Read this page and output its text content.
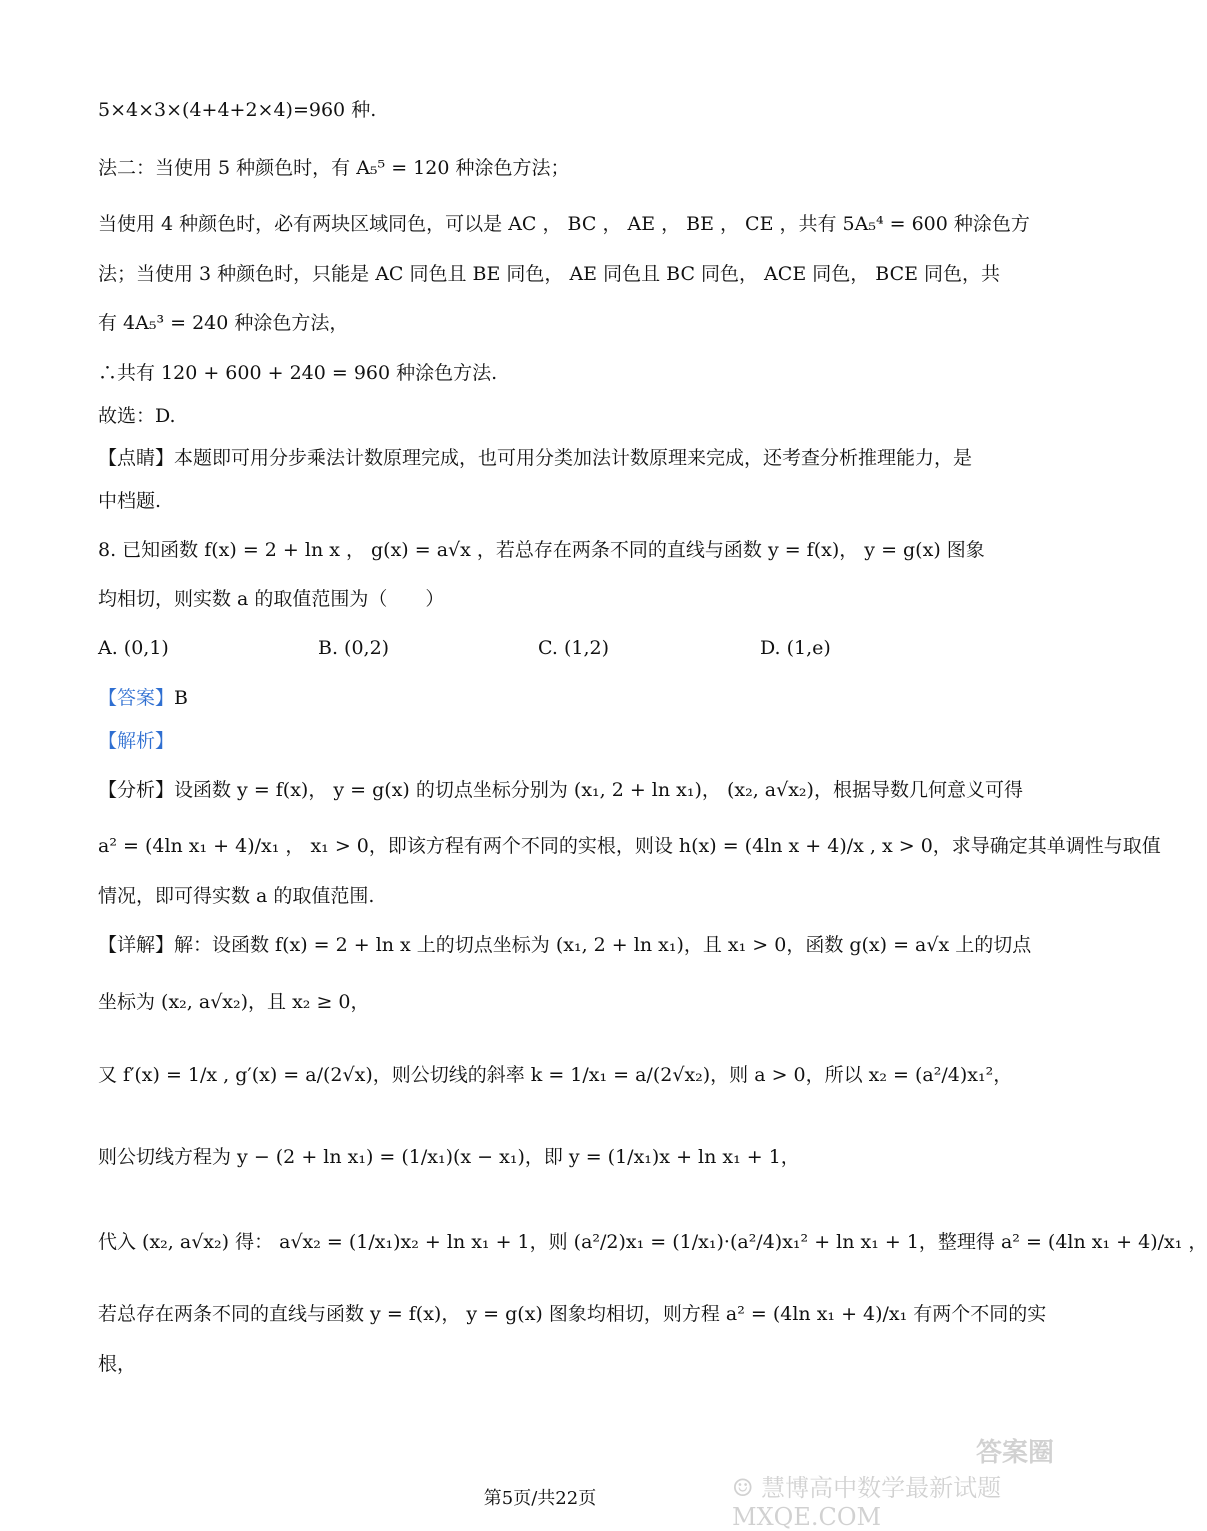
5×4×3×(4+4+2×4)=960 种.
法二：当使用 5 种颜色时，有 A₅⁵ = 120 种涂色方法；
当使用 4 种颜色时，必有两块区域同色，可以是 AC ， BC ， AE ， BE ， CE ，共有 5A₅⁴ = 600 种涂色方
法；当使用 3 种颜色时，只能是 AC 同色且 BE 同色， AE 同色且 BC 同色， ACE 同色， BCE 同色，共
有 4A₅³ = 240 种涂色方法，
∴共有 120 + 600 + 240 = 960 种涂色方法.
故选：D.
【点睛】本题即可用分步乘法计数原理完成，也可用分类加法计数原理来完成，还考查分析推理能力，是
中档题.
8. 已知函数 f(x) = 2 + ln x ， g(x) = a√x ，若总存在两条不同的直线与函数 y = f(x)， y = g(x) 图象
均相切，则实数 a 的取值范围为（　　）
A. (0,1)	B. (0,2)	C. (1,2)	D. (1,e)
【答案】B
【解析】
【分析】设函数 y = f(x)， y = g(x) 的切点坐标分别为 (x₁, 2 + ln x₁)， (x₂, a√x₂)，根据导数几何意义可得
a² = (4ln x₁ + 4)/x₁ ， x₁ > 0，即该方程有两个不同的实根，则设 h(x) = (4ln x + 4)/x , x > 0，求导确定其单调性与取值
情况，即可得实数 a 的取值范围.
【详解】解：设函数 f(x) = 2 + ln x 上的切点坐标为 (x₁, 2 + ln x₁)，且 x₁ > 0，函数 g(x) = a√x 上的切点
坐标为 (x₂, a√x₂)，且 x₂ ≥ 0，
又 f′(x) = 1/x , g′(x) = a/(2√x)，则公切线的斜率 k = 1/x₁ = a/(2√x₂)，则 a > 0，所以 x₂ = (a²/4)x₁²，
则公切线方程为 y − (2 + ln x₁) = (1/x₁)(x − x₁)，即 y = (1/x₁)x + ln x₁ + 1，
代入 (x₂, a√x₂) 得： a√x₂ = (1/x₁)x₂ + ln x₁ + 1，则 (a²/2)x₁ = (1/x₁)·(a²/4)x₁² + ln x₁ + 1，整理得 a² = (4ln x₁ + 4)/x₁ ，
若总存在两条不同的直线与函数 y = f(x)， y = g(x) 图象均相切，则方程 a² = (4ln x₁ + 4)/x₁ 有两个不同的实
根，
答案圈
☺ 慧博高中数学最新试题 MXQE.COM
第5页/共22页
